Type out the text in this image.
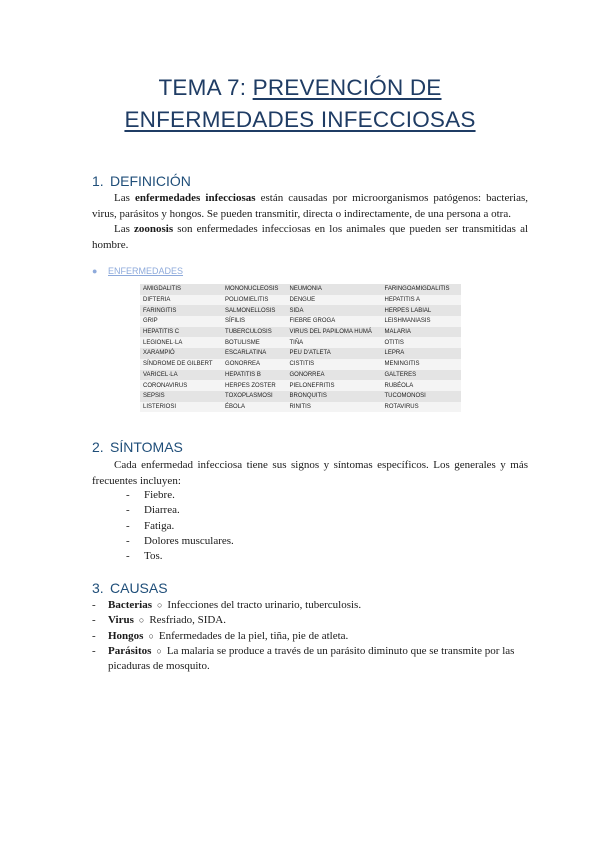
TEMA 7: PREVENCIÓN DE
ENFERMEDADES INFECCIOSAS
1. DEFINICIÓN
Las enfermedades infecciosas están causadas por microorganismos patógenos: bacterias, virus, parásitos y hongos. Se pueden transmitir, directa o indirectamente, de una persona a otra.
Las zoonosis son enfermedades infecciosas en los animales que pueden ser transmitidas al hombre.
● ENFERMEDADES
AMIGDALITIS	MONONUCLEOSIS	NEUMONIA	FARINGOAMIGDALITIS
DIFTERIA	POLIOMIELITIS	DENGUE	HEPATITIS A
FARINGITIS	SALMONELLOSIS	SIDA	HERPES LABIAL
GRIP	SÍFILIS	FIEBRE GROGA	LEISHMANIASIS
HEPATITIS C	TUBERCULOSIS	VIRUS DEL PAPILOMA HUMÁ	MALARIA
LEGIONEL·LA	BOTULISME	TIÑA	OTITIS
XARAMPIÓ	ESCARLATINA	PEU D'ATLETA	LEPRA
SÍNDROME DE GILBERT	GONORREA	CISTITIS	MENINGITIS
VARICEL·LA	HEPATITIS B	GONORREA	GALTERES
CORONAVIRUS	HERPES ZOSTER	PIELONEFRITIS	RUBÉOLA
SEPSIS	TOXOPLASMOSI	BRONQUITIS	TUCOMONOSI
LISTERIOSI	ÉBOLA	RINITIS	ROTAVIRUS
2. SÍNTOMAS
Cada enfermedad infecciosa tiene sus signos y síntomas específicos. Los generales y más frecuentes incluyen:
- Fiebre.
- Diarrea.
- Fatiga.
- Dolores musculares.
- Tos.
3. CAUSAS
- Bacterias ○ Infecciones del tracto urinario, tuberculosis.
- Virus ○ Resfriado, SIDA.
- Hongos ○ Enfermedades de la piel, tiña, pie de atleta.
- Parásitos ○ La malaria se produce a través de un parásito diminuto que se transmite por las picaduras de mosquito.
